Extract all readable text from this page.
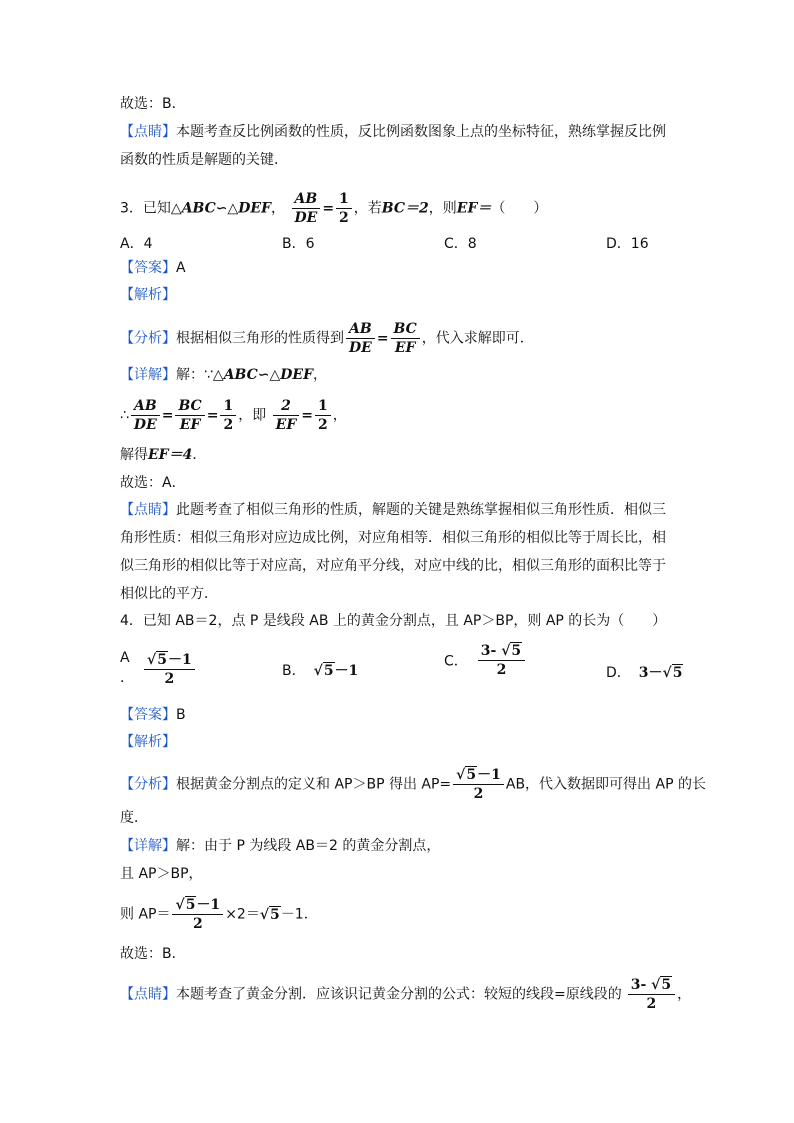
故选：B．
【点睛】本题考查反比例函数的性质，反比例函数图象上点的坐标特征，熟练掌握反比例
函数的性质是解题的关键．
3．已知△ABC∽△DEF， $\frac{AB}{DE} = \frac{1}{2}$ ，若BC＝2，则EF＝（　　）
A．4	B．6	C．8	D．16
【答案】A
【解析】
【分析】根据相似三角形的性质得到 $\frac{AB}{DE} = \frac{BC}{EF}$ ，代入求解即可．
【详解】解：∵△ABC∽△DEF，
∴ $\frac{AB}{DE} = \frac{BC}{EF} = \frac{1}{2}$ ，即 $\frac{2}{EF} = \frac{1}{2}$ ，
解得EF＝4．
故选：A．
【点睛】此题考查了相似三角形的性质，解题的关键是熟练掌握相似三角形性质．相似三
角形性质：相似三角形对应边成比例，对应角相等．相似三角形的相似比等于周长比，相
似三角形的相似比等于对应高，对应角平分线，对应中线的比，相似三角形的面积比等于
相似比的平方．
4．已知 AB＝2，点 P 是线段 AB 上的黄金分割点，且 AP＞BP，则 AP 的长为（　　）
A
． $\frac{√5-1}{2}$	B． √5－1
C． $\frac{3- √5}{2}$	D． 3－√5
【答案】B
【解析】
【分析】根据黄金分割点的定义和 AP＞BP 得出 $AP= \frac{√5-1}{2}$ AB，代入数据即可得出 AP 的长
度．
【详解】解：由于 P 为线段 AB＝2 的黄金分割点，
且 AP＞BP，
则 $AP= \frac{√5-1}{2} \times 2=√5-1$．
故选：B．
【点睛】本题考查了黄金分割．应该识记黄金分割的公式：较短的线段=原线段的 $\frac{3- √5}{2}$ ，
